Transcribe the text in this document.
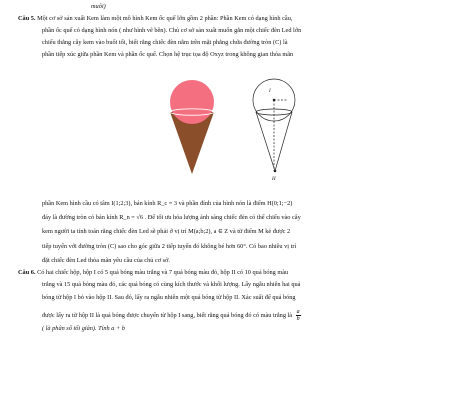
muôi)
Câu 5. Một cơ sở sản xuất Kem làm một mô hình Kem ốc quế lớn gồm 2 phần: Phần Kem có dạng hình cầu,
phần ốc quế có dạng hình nón ( như hình vẽ bên). Chủ cơ sở sản xuất muốn gắn một chiếc đèn Led lớn
chiếu thẳng cây kem vào buổi tối, biết rằng chiếc đèn nằm trên mặt phẳng chứa đường tròn (C) là
phần tiếp xúc giữa phần Kem và phần ốc quế. Chọn hệ trục tọa độ Oxyz trong không gian thỏa mãn
I
H
phần Kem hình cầu có tâm I(1;2;3), bán kính R_c = 3 và phần đỉnh của hình nón là điểm H(0;1;−2)
đáy là đường tròn có bán kính R_n = √6 . Để tối ưu hóa lượng ánh sáng chiếc đèn có thể chiếu vào cây
kem người ta tính toán rằng chiếc đèn Led sẽ phải ở vị trí M(a;b;2), a ∈ Z và từ điểm M kẻ được 2
tiếp tuyến với đường tròn (C) sao cho góc giữa 2 tiếp tuyến đó không bé hơn 60°. Có bao nhiêu vị trí
đặt chiếc đèn Led thỏa mãn yêu cầu của chủ cơ sở.
Câu 6. Có hai chiếc hộp, hộp I có 5 quả bóng màu trắng và 7 quả bóng màu đỏ, hộp II có 10 quả bóng màu
trắng và 15 quả bóng màu đỏ, các quả bóng có cùng kích thước và khối lượng. Lấy ngẫu nhiên hai quả
bóng từ hộp I bỏ vào hộp II. Sau đó, lấy ra ngẫu nhiên một quả bóng từ hộp II. Xác suất để quả bóng
được lấy ra từ hộp II là quả bóng được chuyển từ hộp I sang, biết rằng quả bóng đó có màu trắng là $\frac{a}{b}$
( là phân số tối giản). Tính a + b
